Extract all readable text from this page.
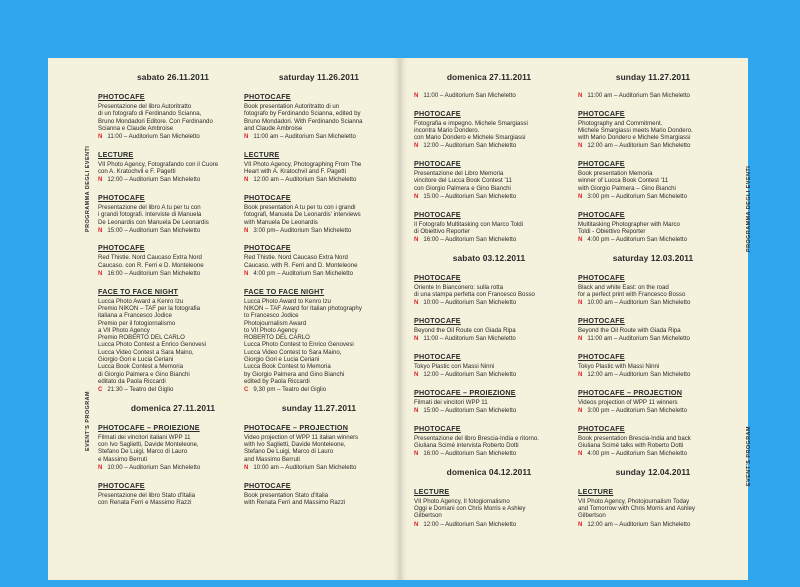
sabato 26.11.2011
PHOTOCAFE
Presentazione del libro Autoritratto
di un fotografo di Ferdinando Scianna,
Bruno Mondadori Editore. Con Ferdinando
Scianna e Claude Ambroise
N 11:00 – Auditorium San Micheletto
LECTURE
VII Photo Agency, Fotografando con il Cuore
con A. Kratochvil e F. Pagetti
N 12:00 – Auditorium San Micheletto
PHOTOCAFE
Presentazione del libro A tu per tu con
i grandi fotografi. Interviste di Manuela
De Leonardis con Manuela De Leonardis
N 15:00 – Auditorium San Micheletto
PHOTOCAFE
Red Thistle. Nord Caucaso Extra Nord
Caucaso. con R. Ferri e D. Monteleone
N 16:00 – Auditorium San Micheletto
FACE TO FACE NIGHT
Lucca Photo Award a Kenro Izu
Premio NIKON – TAF per la fotografia
italiana a Francesco Jodice
Premio per il fotogiornalismo
a VII Photo Agency
Premio ROBERTO DEL CARLO
Lucca Photo Contest a Enrico Genovesi
Lucca Video Contest a Sara Maino,
Giorgio Gori e Lucia Ceriani
Lucca Book Contest a Memoria
di Giorgio Palmera e Gino Bianchi
editato da Paola Riccardi
C 21:30 – Teatro del Giglio
domenica 27.11.2011
PHOTOCAFE – PROIEZIONE
Filmati dei vincitori italiani WPP 11
con Ivo Saglietti, Davide Monteleone,
Stefano De Luigi, Marco di Lauro
e Massimo Berruti
N 10:00 – Auditorium San Micheletto
PHOTOCAFE
Presentazione del libro Stato d'Italia
con Renata Ferri e Massimo Razzi
saturday 11.26.2011
PHOTOCAFE
Book presentation Autoritratto di un
fotografo by Ferdinando Scianna, edited by
Bruno Mondadori. With Ferdinando Scianna
and Claude Ambroise
N 11:00 am – Auditorium San Micheletto
LECTURE
VII Photo Agency, Photographing From The
Heart with A. Kratochvil and F. Pagetti
N 12:00 am – Auditorium San Micheletto
PHOTOCAFE
Book presentation A tu per tu con i grandi
fotografi, Manuela De Leonardis' interviews
with Manuela De Leonardis
N 3:00 pm– Auditorium San Micheletto
PHOTOCAFE
Red Thistle. Nord Caucaso Extra Nord
Caucaso. with R. Ferri and D. Monteleone
N 4:00 pm – Auditorium San Micheletto
FACE TO FACE NIGHT
Lucca Photo Award to Kenro Izu
NIKON – TAF Award for Italian photography
to Francesco Jodice
Photojournalism Award
to VII Photo Agency
ROBERTO DEL CARLO
Lucca Photo Contest to Enrico Genovesi
Lucca Video Contest to Sara Maino,
Giorgio Gori e Lucia Ceriani
Lucca Book Contest to Memoria
by Giorgio Palmera and Gino Bianchi
edited by Paola Riccardi
C 9,30 pm – Teatro del Giglio
sunday 11.27.2011
PHOTOCAFE – PROJECTION
Video projection of WPP 11 italian winners
with Ivo Saglietti, Davide Monteleone,
Stefano De Luigi, Marco di Lauro
and Massimo Berruti
N 10:00 am – Auditorium San Micheletto
PHOTOCAFE
Book presentation Stato d'Italia
with Renata Ferri and Massimo Razzi
domenica 27.11.2011
N 11:00 – Auditorium San Micheletto
PHOTOCAFE
Fotografia e impegno. Michele Smargiassi
incontra Mario Dondero.
con Mario Dondero e Michele Smargiassi
N 12:00 – Auditorium San Micheletto
PHOTOCAFE
Presentazione del Libro Memoria
vincitore del Lucca Book Contest '11
con Giorgio Palmera e Gino Bianchi
N 15:00 – Auditorium San Micheletto
PHOTOCAFE
Il Fotografo Multitasking con Marco Toldi
di Obiettivo Reporter
N 16:00 – Auditorium San Micheletto
sabato 03.12.2011
PHOTOCAFE
Oriente In Bianconero: sulla rotta
di una stampa perfetta con Francesco Bosso
N 10:00 – Auditorium San Micheletto
PHOTOCAFE
Beyond the Oil Route con Giada Ripa
N 11:00 – Auditorium San Micheletto
PHOTOCAFE
Tokyo Plastic con Massi Ninni
N 12:00 – Auditorium San Micheletto
PHOTOCAFE – PROIEZIONE
Filmati dei vincitori WPP 11
N 15:00 – Auditorium San Micheletto
PHOTOCAFE
Presentazione del libro Brescia-India e ritorno.
Giuliana Scimé intervista Roberto Dotti
N 16:00 – Auditorium San Micheletto
domenica 04.12.2011
LECTURE
VII Photo Agency, Il fotogiornalismo
Oggi e Domani con Chris Morris e Ashley
Gilbertson
N 12:00 – Auditorium San Micheletto
sunday 11.27.2011
N 11:00 am – Auditorium San Micheletto
PHOTOCAFE
Photography and Commitment.
Michele Smargiassi meets Mario Dondero.
with Mario Dondero e Michele Smargiassi
N 12:00 am – Auditorium San Micheletto
PHOTOCAFE
Book presentation Memoria
winner of Lucca Book Contest '11
with Giorgio Palmera – Gino Bianchi
N 3:00 pm – Auditorium San Micheletto
PHOTOCAFE
Multitasking Photographer with Marco
Toldi - Obiettivo Reporter
N 4:00 pm – Auditorium San Micheletto
saturday 12.03.2011
PHOTOCAFE
Black and white East: on the road
for a perfect print with Francesco Bosso
N 10:00 am – Auditorium San Micheletto
PHOTOCAFE
Beyond the Oil Route with Giada Ripa
N 11:00 am – Auditorium San Micheletto
PHOTOCAFE
Tokyo Plastic with Massi Ninni
N 12:00 am – Auditorium San Micheletto
PHOTOCAFE – PROJECTION
Videos projection of WPP 11 winners
N 3:00 pm – Auditorium San Micheletto
PHOTOCAFE
Book presentation Brescia-India and back
Giuliana Scimé talks with Roberto Dotti
N 4:00 pm – Auditorium San Micheletto
sunday 12.04.2011
LECTURE
VII Photo Agency, Photojournalism Today
and Tomorrow with Chris Morris and Ashley
Gilbertson
N 12:00 am – Auditorium San Micheletto
PROGRAMMA DEGLI EVENTI
EVENT'S PROGRAM
PROGRAMMA DEGLI EVENTI
EVENT'S PROGRAM
